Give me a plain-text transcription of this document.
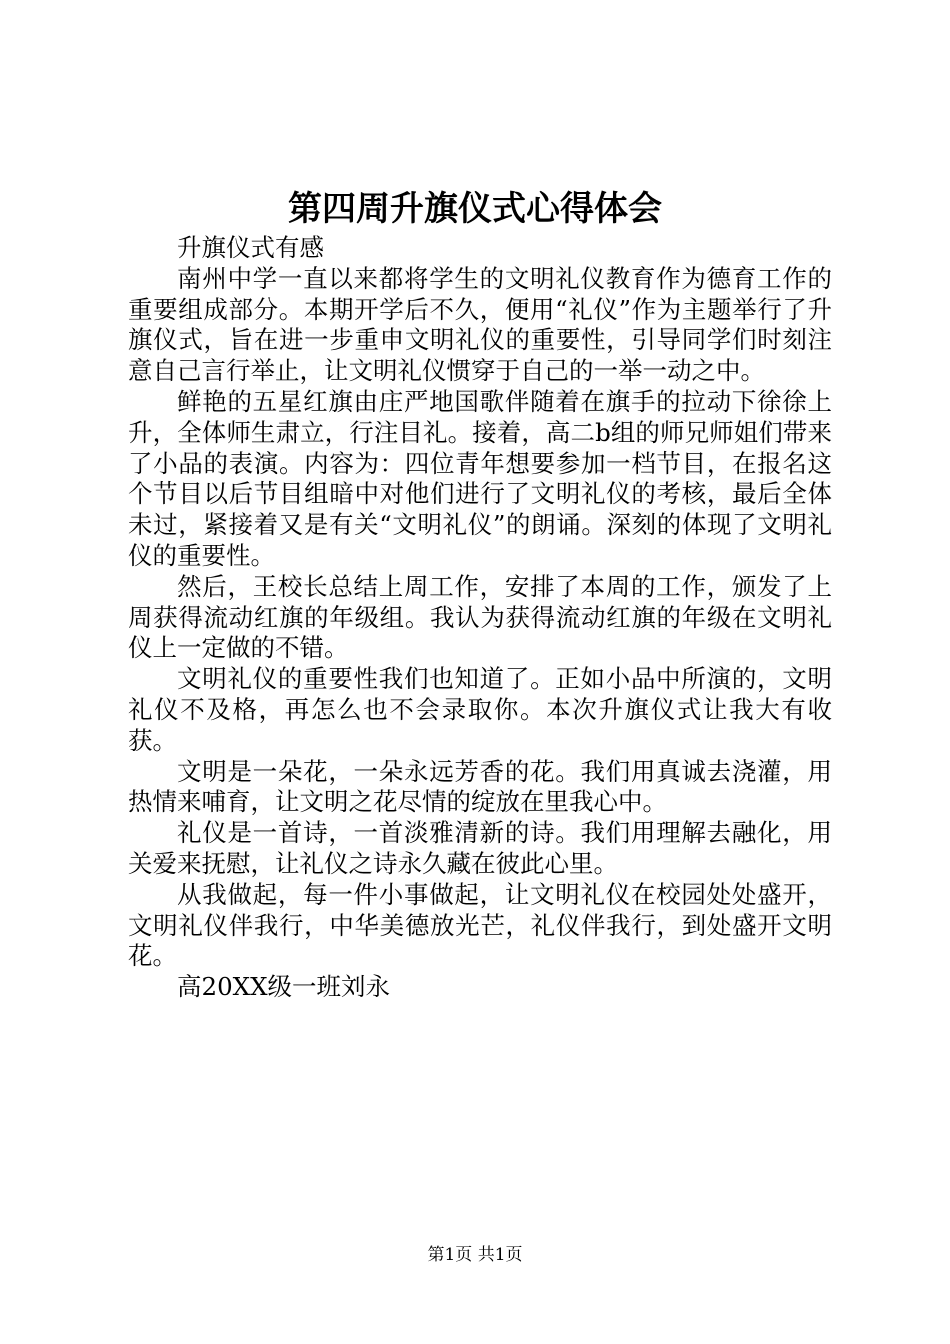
第四周升旗仪式心得体会

升旗仪式有感

南州中学一直以来都将学生的文明礼仪教育作为德育工作的重要组成部分。本期开学后不久，便用“礼仪”作为主题举行了升旗仪式，旨在进一步重申文明礼仪的重要性，引导同学们时刻注意自己言行举止，让文明礼仪惯穿于自己的一举一动之中。

鲜艳的五星红旗由庄严地国歌伴随着在旗手的拉动下徐徐上升，全体师生肃立，行注目礼。接着，高二b组的师兄师姐们带来了小品的表演。内容为：四位青年想要参加一档节目，在报名这个节目以后节目组暗中对他们进行了文明礼仪的考核，最后全体未过，紧接着又是有关“文明礼仪”的朗诵。深刻的体现了文明礼仪的重要性。

然后，王校长总结上周工作，安排了本周的工作，颁发了上周获得流动红旗的年级组。我认为获得流动红旗的年级在文明礼仪上一定做的不错。

文明礼仪的重要性我们也知道了。正如小品中所演的，文明礼仪不及格，再怎么也不会录取你。本次升旗仪式让我大有收获。

文明是一朵花，一朵永远芳香的花。我们用真诚去浇灌，用热情来哺育，让文明之花尽情的绽放在里我心中。

礼仪是一首诗，一首淡雅清新的诗。我们用理解去融化，用关爱来抚慰，让礼仪之诗永久藏在彼此心里。

从我做起，每一件小事做起，让文明礼仪在校园处处盛开，文明礼仪伴我行，中华美德放光芒，礼仪伴我行，到处盛开文明花。

高20XX级一班刘永

第1页 共1页
